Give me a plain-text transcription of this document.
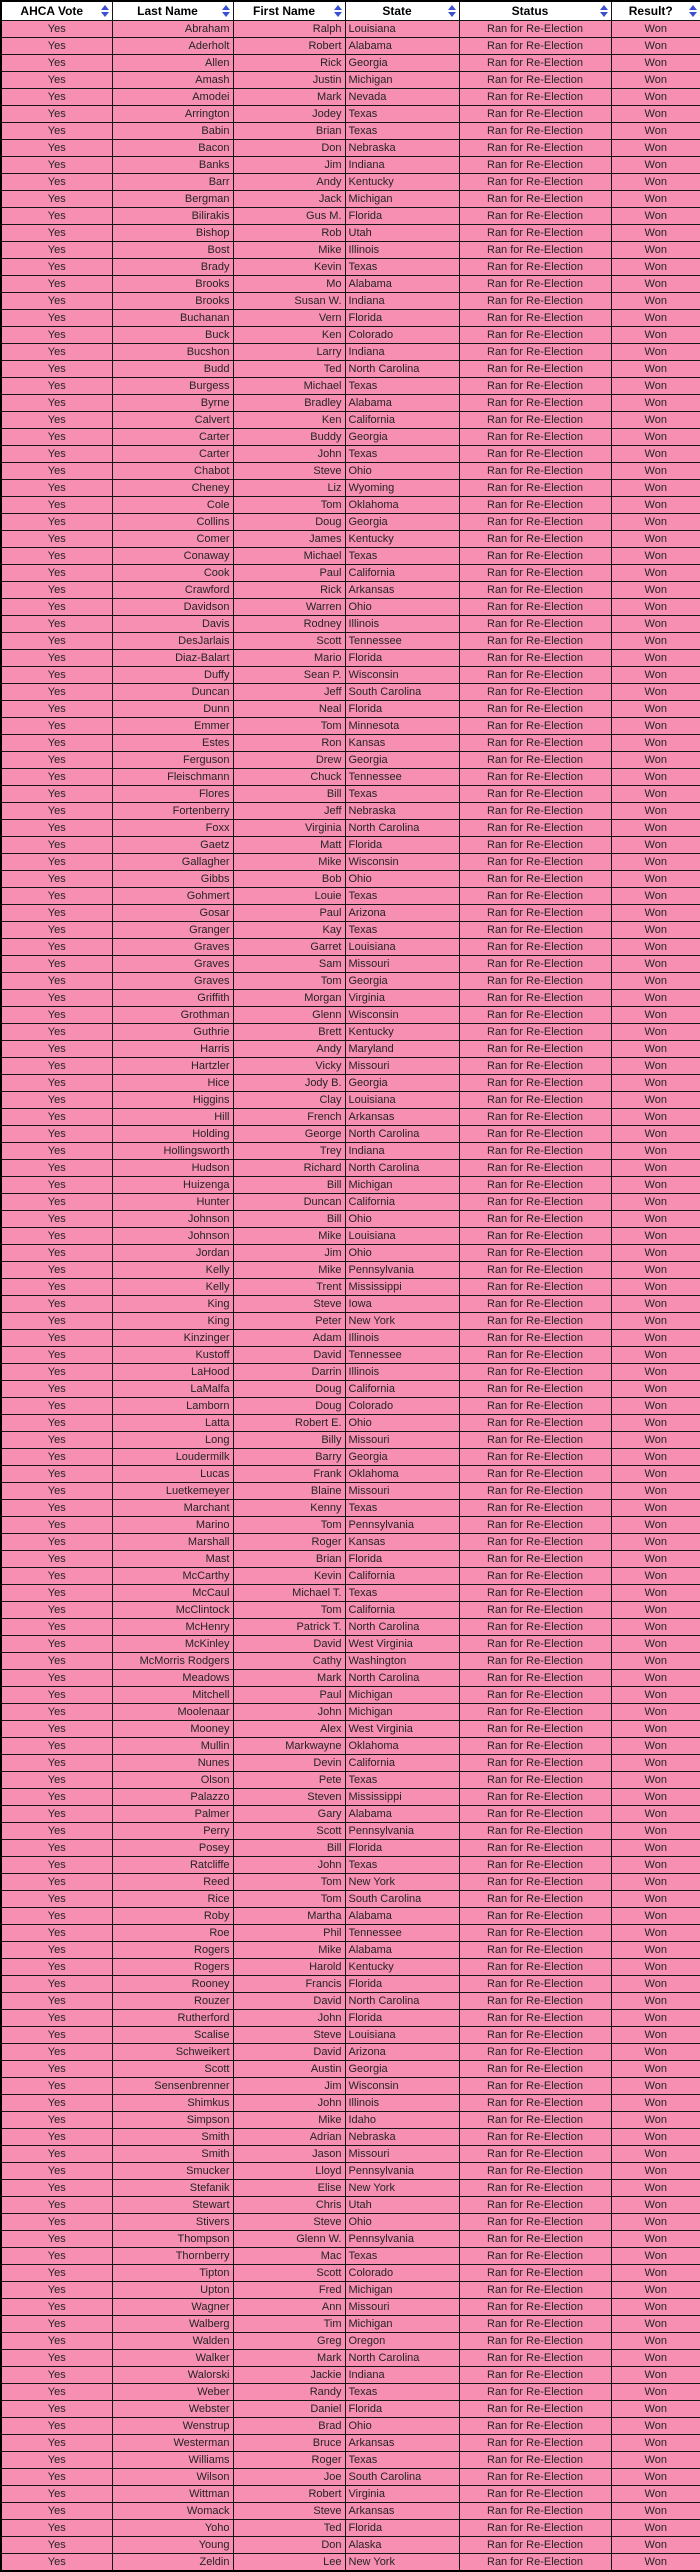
AHCA Vote	Last Name	First Name	State	Status	Result?

Yes	Abraham	Ralph	Louisiana	Ran for Re-Election	Won
Yes	Aderholt	Robert	Alabama	Ran for Re-Election	Won
Yes	Allen	Rick	Georgia	Ran for Re-Election	Won
Yes	Amash	Justin	Michigan	Ran for Re-Election	Won
Yes	Amodei	Mark	Nevada	Ran for Re-Election	Won
Yes	Arrington	Jodey	Texas	Ran for Re-Election	Won
Yes	Babin	Brian	Texas	Ran for Re-Election	Won
Yes	Bacon	Don	Nebraska	Ran for Re-Election	Won
Yes	Banks	Jim	Indiana	Ran for Re-Election	Won
Yes	Barr	Andy	Kentucky	Ran for Re-Election	Won
Yes	Bergman	Jack	Michigan	Ran for Re-Election	Won
Yes	Bilirakis	Gus M.	Florida	Ran for Re-Election	Won
Yes	Bishop	Rob	Utah	Ran for Re-Election	Won
Yes	Bost	Mike	Illinois	Ran for Re-Election	Won
Yes	Brady	Kevin	Texas	Ran for Re-Election	Won
Yes	Brooks	Mo	Alabama	Ran for Re-Election	Won
Yes	Brooks	Susan W.	Indiana	Ran for Re-Election	Won
Yes	Buchanan	Vern	Florida	Ran for Re-Election	Won
Yes	Buck	Ken	Colorado	Ran for Re-Election	Won
Yes	Bucshon	Larry	Indiana	Ran for Re-Election	Won
Yes	Budd	Ted	North Carolina	Ran for Re-Election	Won
Yes	Burgess	Michael	Texas	Ran for Re-Election	Won
Yes	Byrne	Bradley	Alabama	Ran for Re-Election	Won
Yes	Calvert	Ken	California	Ran for Re-Election	Won
Yes	Carter	Buddy	Georgia	Ran for Re-Election	Won
Yes	Carter	John	Texas	Ran for Re-Election	Won
Yes	Chabot	Steve	Ohio	Ran for Re-Election	Won
Yes	Cheney	Liz	Wyoming	Ran for Re-Election	Won
Yes	Cole	Tom	Oklahoma	Ran for Re-Election	Won
Yes	Collins	Doug	Georgia	Ran for Re-Election	Won
Yes	Comer	James	Kentucky	Ran for Re-Election	Won
Yes	Conaway	Michael	Texas	Ran for Re-Election	Won
Yes	Cook	Paul	California	Ran for Re-Election	Won
Yes	Crawford	Rick	Arkansas	Ran for Re-Election	Won
Yes	Davidson	Warren	Ohio	Ran for Re-Election	Won
Yes	Davis	Rodney	Illinois	Ran for Re-Election	Won
Yes	DesJarlais	Scott	Tennessee	Ran for Re-Election	Won
Yes	Diaz-Balart	Mario	Florida	Ran for Re-Election	Won
Yes	Duffy	Sean P.	Wisconsin	Ran for Re-Election	Won
Yes	Duncan	Jeff	South Carolina	Ran for Re-Election	Won
Yes	Dunn	Neal	Florida	Ran for Re-Election	Won
Yes	Emmer	Tom	Minnesota	Ran for Re-Election	Won
Yes	Estes	Ron	Kansas	Ran for Re-Election	Won
Yes	Ferguson	Drew	Georgia	Ran for Re-Election	Won
Yes	Fleischmann	Chuck	Tennessee	Ran for Re-Election	Won
Yes	Flores	Bill	Texas	Ran for Re-Election	Won
Yes	Fortenberry	Jeff	Nebraska	Ran for Re-Election	Won
Yes	Foxx	Virginia	North Carolina	Ran for Re-Election	Won
Yes	Gaetz	Matt	Florida	Ran for Re-Election	Won
Yes	Gallagher	Mike	Wisconsin	Ran for Re-Election	Won
Yes	Gibbs	Bob	Ohio	Ran for Re-Election	Won
Yes	Gohmert	Louie	Texas	Ran for Re-Election	Won
Yes	Gosar	Paul	Arizona	Ran for Re-Election	Won
Yes	Granger	Kay	Texas	Ran for Re-Election	Won
Yes	Graves	Garret	Louisiana	Ran for Re-Election	Won
Yes	Graves	Sam	Missouri	Ran for Re-Election	Won
Yes	Graves	Tom	Georgia	Ran for Re-Election	Won
Yes	Griffith	Morgan	Virginia	Ran for Re-Election	Won
Yes	Grothman	Glenn	Wisconsin	Ran for Re-Election	Won
Yes	Guthrie	Brett	Kentucky	Ran for Re-Election	Won
Yes	Harris	Andy	Maryland	Ran for Re-Election	Won
Yes	Hartzler	Vicky	Missouri	Ran for Re-Election	Won
Yes	Hice	Jody B.	Georgia	Ran for Re-Election	Won
Yes	Higgins	Clay	Louisiana	Ran for Re-Election	Won
Yes	Hill	French	Arkansas	Ran for Re-Election	Won
Yes	Holding	George	North Carolina	Ran for Re-Election	Won
Yes	Hollingsworth	Trey	Indiana	Ran for Re-Election	Won
Yes	Hudson	Richard	North Carolina	Ran for Re-Election	Won
Yes	Huizenga	Bill	Michigan	Ran for Re-Election	Won
Yes	Hunter	Duncan	California	Ran for Re-Election	Won
Yes	Johnson	Bill	Ohio	Ran for Re-Election	Won
Yes	Johnson	Mike	Louisiana	Ran for Re-Election	Won
Yes	Jordan	Jim	Ohio	Ran for Re-Election	Won
Yes	Kelly	Mike	Pennsylvania	Ran for Re-Election	Won
Yes	Kelly	Trent	Mississippi	Ran for Re-Election	Won
Yes	King	Steve	Iowa	Ran for Re-Election	Won
Yes	King	Peter	New York	Ran for Re-Election	Won
Yes	Kinzinger	Adam	Illinois	Ran for Re-Election	Won
Yes	Kustoff	David	Tennessee	Ran for Re-Election	Won
Yes	LaHood	Darrin	Illinois	Ran for Re-Election	Won
Yes	LaMalfa	Doug	California	Ran for Re-Election	Won
Yes	Lamborn	Doug	Colorado	Ran for Re-Election	Won
Yes	Latta	Robert E.	Ohio	Ran for Re-Election	Won
Yes	Long	Billy	Missouri	Ran for Re-Election	Won
Yes	Loudermilk	Barry	Georgia	Ran for Re-Election	Won
Yes	Lucas	Frank	Oklahoma	Ran for Re-Election	Won
Yes	Luetkemeyer	Blaine	Missouri	Ran for Re-Election	Won
Yes	Marchant	Kenny	Texas	Ran for Re-Election	Won
Yes	Marino	Tom	Pennsylvania	Ran for Re-Election	Won
Yes	Marshall	Roger	Kansas	Ran for Re-Election	Won
Yes	Mast	Brian	Florida	Ran for Re-Election	Won
Yes	McCarthy	Kevin	California	Ran for Re-Election	Won
Yes	McCaul	Michael T.	Texas	Ran for Re-Election	Won
Yes	McClintock	Tom	California	Ran for Re-Election	Won
Yes	McHenry	Patrick T.	North Carolina	Ran for Re-Election	Won
Yes	McKinley	David	West Virginia	Ran for Re-Election	Won
Yes	McMorris Rodgers	Cathy	Washington	Ran for Re-Election	Won
Yes	Meadows	Mark	North Carolina	Ran for Re-Election	Won
Yes	Mitchell	Paul	Michigan	Ran for Re-Election	Won
Yes	Moolenaar	John	Michigan	Ran for Re-Election	Won
Yes	Mooney	Alex	West Virginia	Ran for Re-Election	Won
Yes	Mullin	Markwayne	Oklahoma	Ran for Re-Election	Won
Yes	Nunes	Devin	California	Ran for Re-Election	Won
Yes	Olson	Pete	Texas	Ran for Re-Election	Won
Yes	Palazzo	Steven	Mississippi	Ran for Re-Election	Won
Yes	Palmer	Gary	Alabama	Ran for Re-Election	Won
Yes	Perry	Scott	Pennsylvania	Ran for Re-Election	Won
Yes	Posey	Bill	Florida	Ran for Re-Election	Won
Yes	Ratcliffe	John	Texas	Ran for Re-Election	Won
Yes	Reed	Tom	New York	Ran for Re-Election	Won
Yes	Rice	Tom	South Carolina	Ran for Re-Election	Won
Yes	Roby	Martha	Alabama	Ran for Re-Election	Won
Yes	Roe	Phil	Tennessee	Ran for Re-Election	Won
Yes	Rogers	Mike	Alabama	Ran for Re-Election	Won
Yes	Rogers	Harold	Kentucky	Ran for Re-Election	Won
Yes	Rooney	Francis	Florida	Ran for Re-Election	Won
Yes	Rouzer	David	North Carolina	Ran for Re-Election	Won
Yes	Rutherford	John	Florida	Ran for Re-Election	Won
Yes	Scalise	Steve	Louisiana	Ran for Re-Election	Won
Yes	Schweikert	David	Arizona	Ran for Re-Election	Won
Yes	Scott	Austin	Georgia	Ran for Re-Election	Won
Yes	Sensenbrenner	Jim	Wisconsin	Ran for Re-Election	Won
Yes	Shimkus	John	Illinois	Ran for Re-Election	Won
Yes	Simpson	Mike	Idaho	Ran for Re-Election	Won
Yes	Smith	Adrian	Nebraska	Ran for Re-Election	Won
Yes	Smith	Jason	Missouri	Ran for Re-Election	Won
Yes	Smucker	Lloyd	Pennsylvania	Ran for Re-Election	Won
Yes	Stefanik	Elise	New York	Ran for Re-Election	Won
Yes	Stewart	Chris	Utah	Ran for Re-Election	Won
Yes	Stivers	Steve	Ohio	Ran for Re-Election	Won
Yes	Thompson	Glenn W.	Pennsylvania	Ran for Re-Election	Won
Yes	Thornberry	Mac	Texas	Ran for Re-Election	Won
Yes	Tipton	Scott	Colorado	Ran for Re-Election	Won
Yes	Upton	Fred	Michigan	Ran for Re-Election	Won
Yes	Wagner	Ann	Missouri	Ran for Re-Election	Won
Yes	Walberg	Tim	Michigan	Ran for Re-Election	Won
Yes	Walden	Greg	Oregon	Ran for Re-Election	Won
Yes	Walker	Mark	North Carolina	Ran for Re-Election	Won
Yes	Walorski	Jackie	Indiana	Ran for Re-Election	Won
Yes	Weber	Randy	Texas	Ran for Re-Election	Won
Yes	Webster	Daniel	Florida	Ran for Re-Election	Won
Yes	Wenstrup	Brad	Ohio	Ran for Re-Election	Won
Yes	Westerman	Bruce	Arkansas	Ran for Re-Election	Won
Yes	Williams	Roger	Texas	Ran for Re-Election	Won
Yes	Wilson	Joe	South Carolina	Ran for Re-Election	Won
Yes	Wittman	Robert	Virginia	Ran for Re-Election	Won
Yes	Womack	Steve	Arkansas	Ran for Re-Election	Won
Yes	Yoho	Ted	Florida	Ran for Re-Election	Won
Yes	Young	Don	Alaska	Ran for Re-Election	Won
Yes	Zeldin	Lee	New York	Ran for Re-Election	Won
